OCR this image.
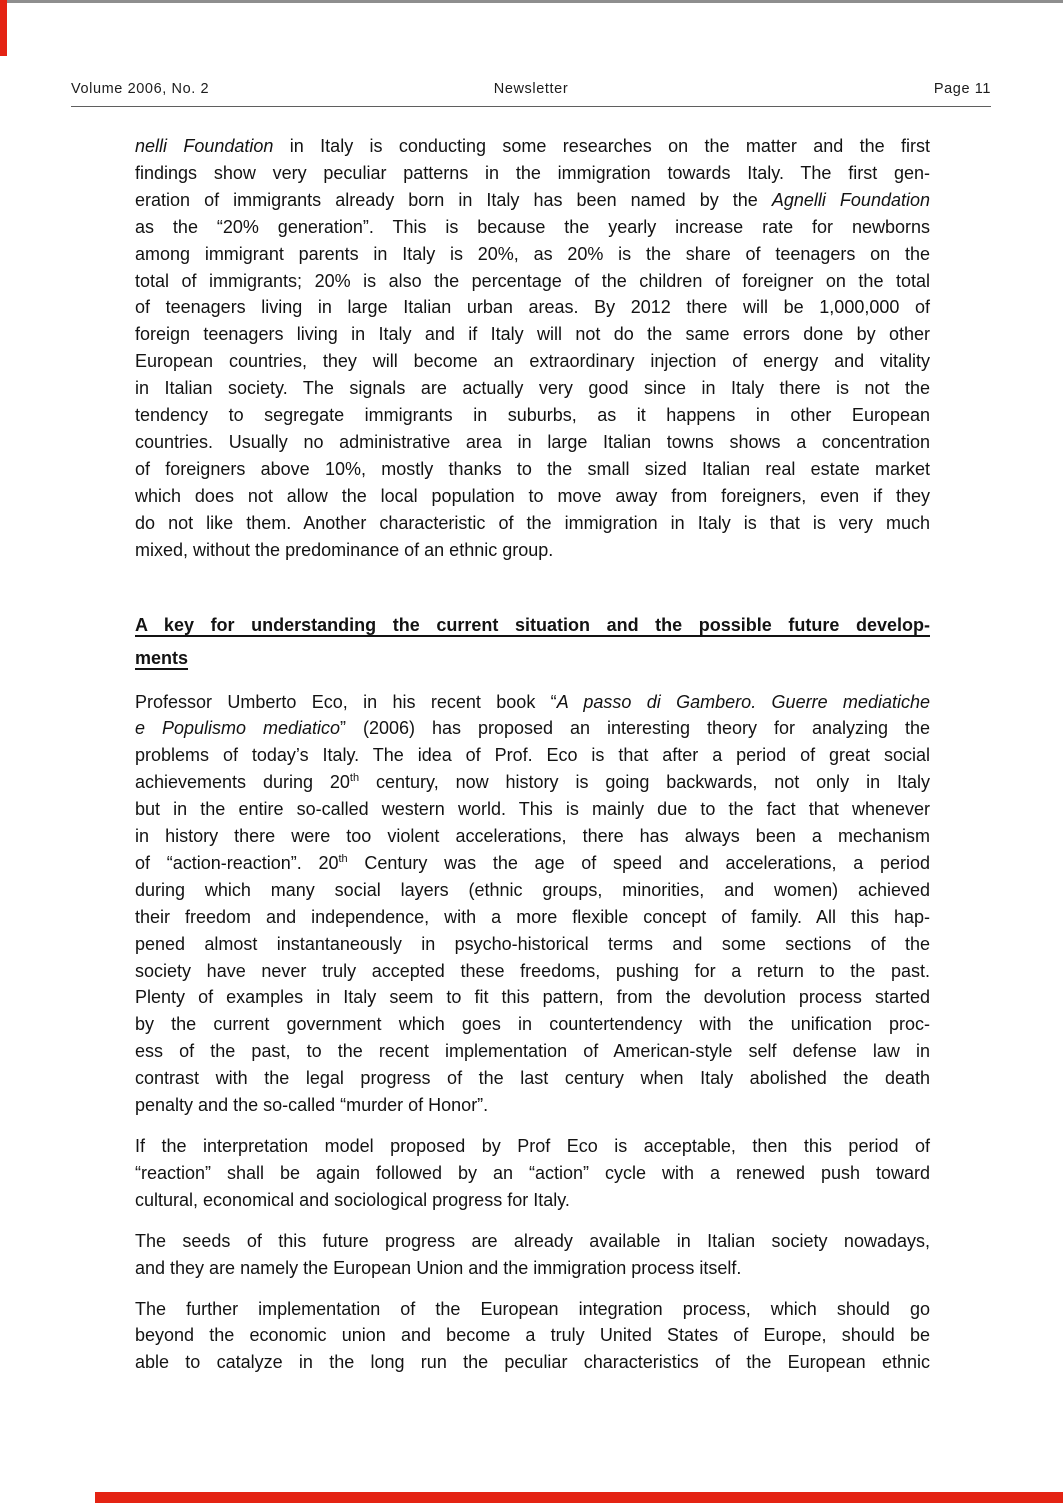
Volume 2006, No. 2	Newsletter	Page 11
nelli Foundation in Italy is conducting some researches on the matter and the first
findings show very peculiar patterns in the immigration towards Italy. The first gen-
eration of immigrants already born in Italy has been named by the Agnelli Foundation
as the “20% generation”. This is because the yearly increase rate for newborns
among immigrant parents in Italy is 20%, as 20% is the share of teenagers on the
total of immigrants; 20% is also the percentage of the children of foreigner on the total
of teenagers living in large Italian urban areas. By 2012 there will be 1,000,000 of
foreign teenagers living in Italy and if Italy will not do the same errors done by other
European countries, they will become an extraordinary injection of energy and vitality
in Italian society. The signals are actually very good since in Italy there is not the
tendency to segregate immigrants in suburbs, as it happens in other European
countries. Usually no administrative area in large Italian towns shows a concentration
of foreigners above 10%, mostly thanks to the small sized Italian real estate market
which does not allow the local population to move away from foreigners, even if they
do not like them. Another characteristic of the immigration in Italy is that is very much
mixed, without the predominance of an ethnic group.
A key for understanding the current situation and the possible future develop-
ments
Professor Umberto Eco, in his recent book “A passo di Gambero. Guerre mediatiche
e Populismo mediatico” (2006) has proposed an interesting theory for analyzing the
problems of today’s Italy. The idea of Prof. Eco is that after a period of great social
achievements during 20th century, now history is going backwards, not only in Italy
but in the entire so-called western world. This is mainly due to the fact that whenever
in history there were too violent accelerations, there has always been a mechanism
of “action-reaction”. 20th Century was the age of speed and accelerations, a period
during which many social layers (ethnic groups, minorities, and women) achieved
their freedom and independence, with a more flexible concept of family. All this hap-
pened almost instantaneously in psycho-historical terms and some sections of the
society have never truly accepted these freedoms, pushing for a return to the past.
Plenty of examples in Italy seem to fit this pattern, from the devolution process started
by the current government which goes in countertendency with the unification proc-
ess of the past, to the recent implementation of American-style self defense law in
contrast with the legal progress of the last century when Italy abolished the death
penalty and the so-called “murder of Honor”.
If the interpretation model proposed by Prof Eco is acceptable, then this period of
“reaction” shall be again followed by an “action” cycle with a renewed push toward
cultural, economical and sociological progress for Italy.
The seeds of this future progress are already available in Italian society nowadays,
and they are namely the European Union and the immigration process itself.
The further implementation of the European integration process, which should go
beyond the economic union and become a truly United States of Europe, should be
able to catalyze in the long run the peculiar characteristics of the European ethnic
